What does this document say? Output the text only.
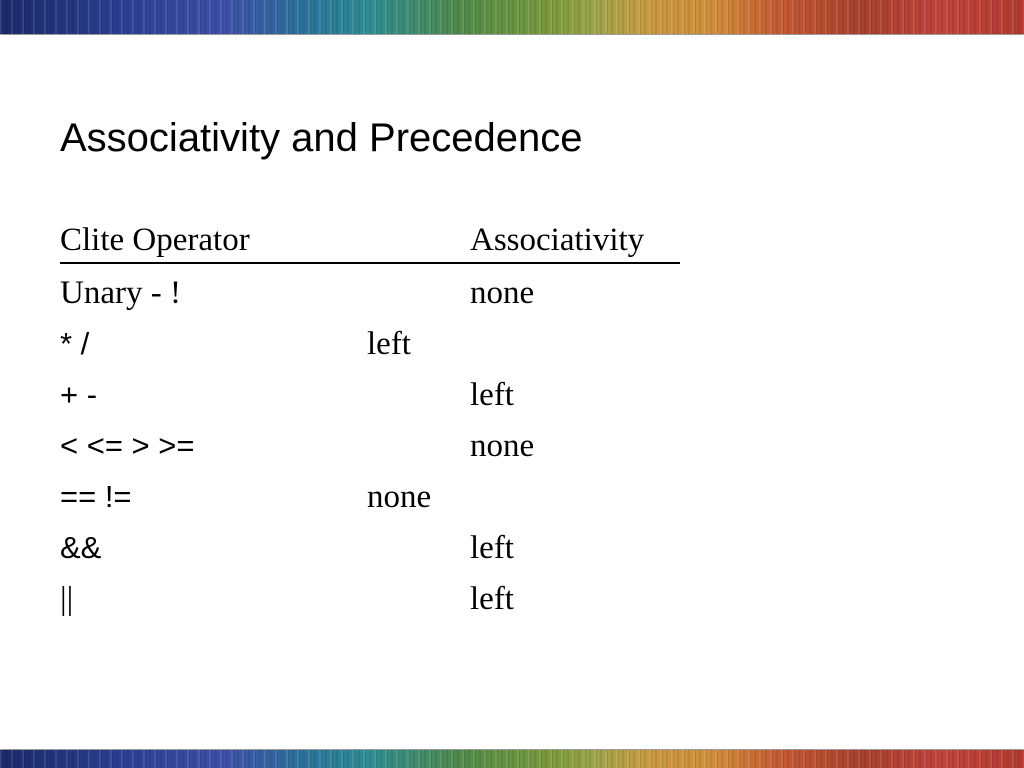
Associativity and Precedence
Clite Operator	Associativity
Unary - !	none
* /	left
+ -	left
< <= > >=	none
== !=	none
&&	left
||	left
